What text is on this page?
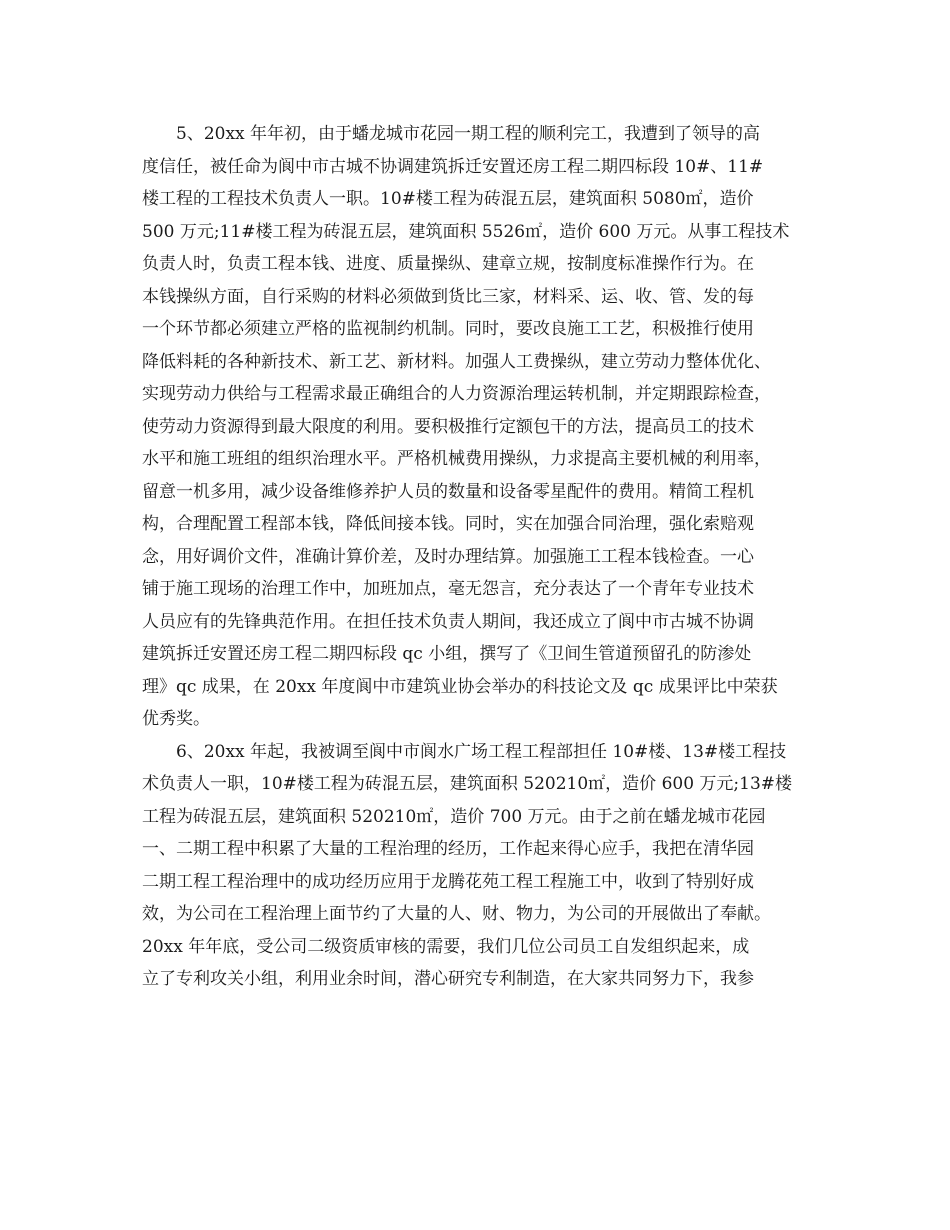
5、20xx 年年初，由于蟠龙城市花园一期工程的顺利完工，我遭到了领导的高
度信任，被任命为阆中市古城不协调建筑拆迁安置还房工程二期四标段 10#、11#
楼工程的工程技术负责人一职。10#楼工程为砖混五层，建筑面积 5080㎡，造价
500 万元;11#楼工程为砖混五层，建筑面积 5526㎡，造价 600 万元。从事工程技术
负责人时，负责工程本钱、进度、质量操纵、建章立规，按制度标准操作行为。在
本钱操纵方面，自行采购的材料必须做到货比三家，材料采、运、收、管、发的每
一个环节都必须建立严格的监视制约机制。同时，要改良施工工艺，积极推行使用
降低料耗的各种新技术、新工艺、新材料。加强人工费操纵，建立劳动力整体优化、
实现劳动力供给与工程需求最正确组合的人力资源治理运转机制，并定期跟踪检查，
使劳动力资源得到最大限度的利用。要积极推行定额包干的方法，提高员工的技术
水平和施工班组的组织治理水平。严格机械费用操纵，力求提高主要机械的利用率，
留意一机多用，减少设备维修养护人员的数量和设备零星配件的费用。精简工程机
构，合理配置工程部本钱，降低间接本钱。同时，实在加强合同治理，强化索赔观
念，用好调价文件，准确计算价差，及时办理结算。加强施工工程本钱检查。一心
铺于施工现场的治理工作中，加班加点，毫无怨言，充分表达了一个青年专业技术
人员应有的先锋典范作用。在担任技术负责人期间，我还成立了阆中市古城不协调
建筑拆迁安置还房工程二期四标段 qc 小组，撰写了《卫间生管道预留孔的防渗处
理》qc 成果，在 20xx 年度阆中市建筑业协会举办的科技论文及 qc 成果评比中荣获
优秀奖。
6、20xx 年起，我被调至阆中市阆水广场工程工程部担任 10#楼、13#楼工程技
术负责人一职，10#楼工程为砖混五层，建筑面积 520210㎡，造价 600 万元;13#楼
工程为砖混五层，建筑面积 520210㎡，造价 700 万元。由于之前在蟠龙城市花园
一、二期工程中积累了大量的工程治理的经历，工作起来得心应手，我把在清华园
二期工程工程治理中的成功经历应用于龙腾花苑工程工程施工中，收到了特别好成
效，为公司在工程治理上面节约了大量的人、财、物力，为公司的开展做出了奉献。
20xx 年年底，受公司二级资质审核的需要，我们几位公司员工自发组织起来，成
立了专利攻关小组，利用业余时间，潜心研究专利制造，在大家共同努力下，我参
